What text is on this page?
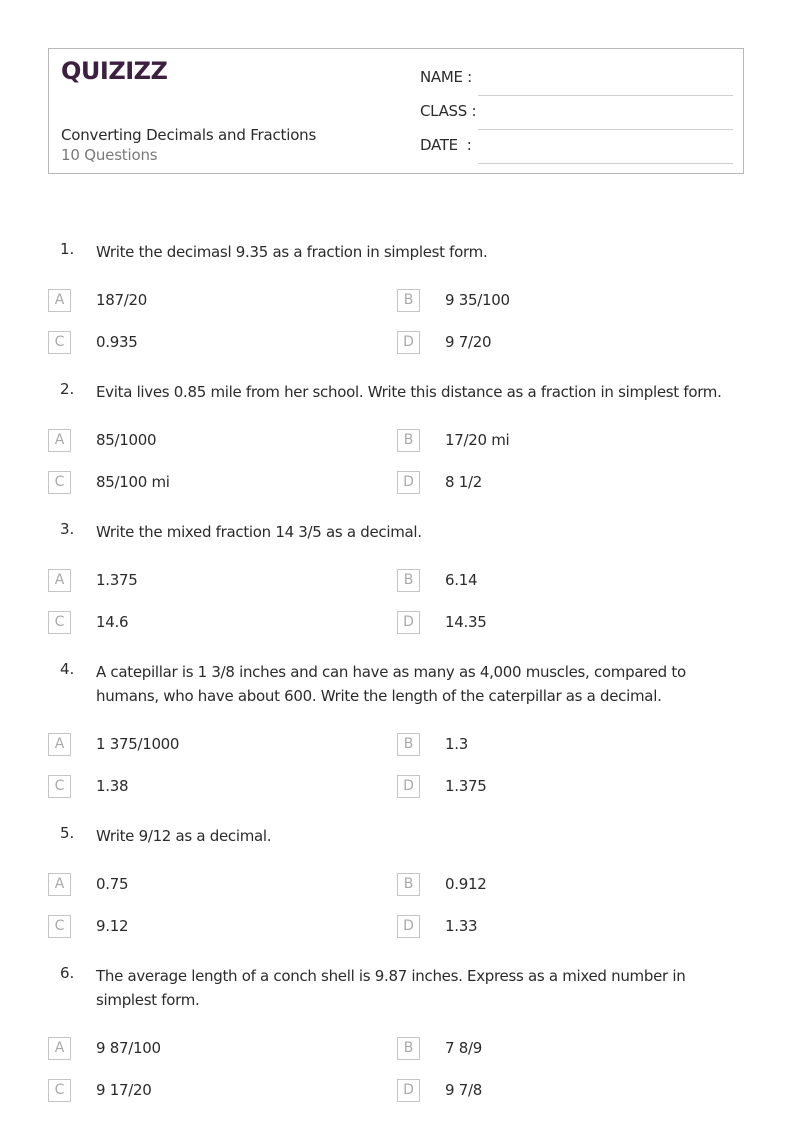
QUIZIZZ
Converting Decimals and Fractions
10 Questions
NAME :
CLASS :
DATE  :
1. Write the decimasl 9.35 as a fraction in simplest form.
A	187/20	B	9 35/100
C	0.935	D	9 7/20
2. Evita lives 0.85 mile from her school. Write this distance as a fraction in simplest form.
A	85/1000	B	17/20 mi
C	85/100 mi	D	8 1/2
3. Write the mixed fraction 14 3/5 as a decimal.
A	1.375	B	6.14
C	14.6	D	14.35
4. A catepillar is 1 3/8 inches and can have as many as 4,000 muscles, compared to humans, who have about 600. Write the length of the caterpillar as a decimal.
A	1 375/1000	B	1.3
C	1.38	D	1.375
5. Write 9/12 as a decimal.
A	0.75	B	0.912
C	9.12	D	1.33
6. The average length of a conch shell is 9.87 inches. Express as a mixed number in simplest form.
A	9 87/100	B	7 8/9
C	9 17/20	D	9 7/8
